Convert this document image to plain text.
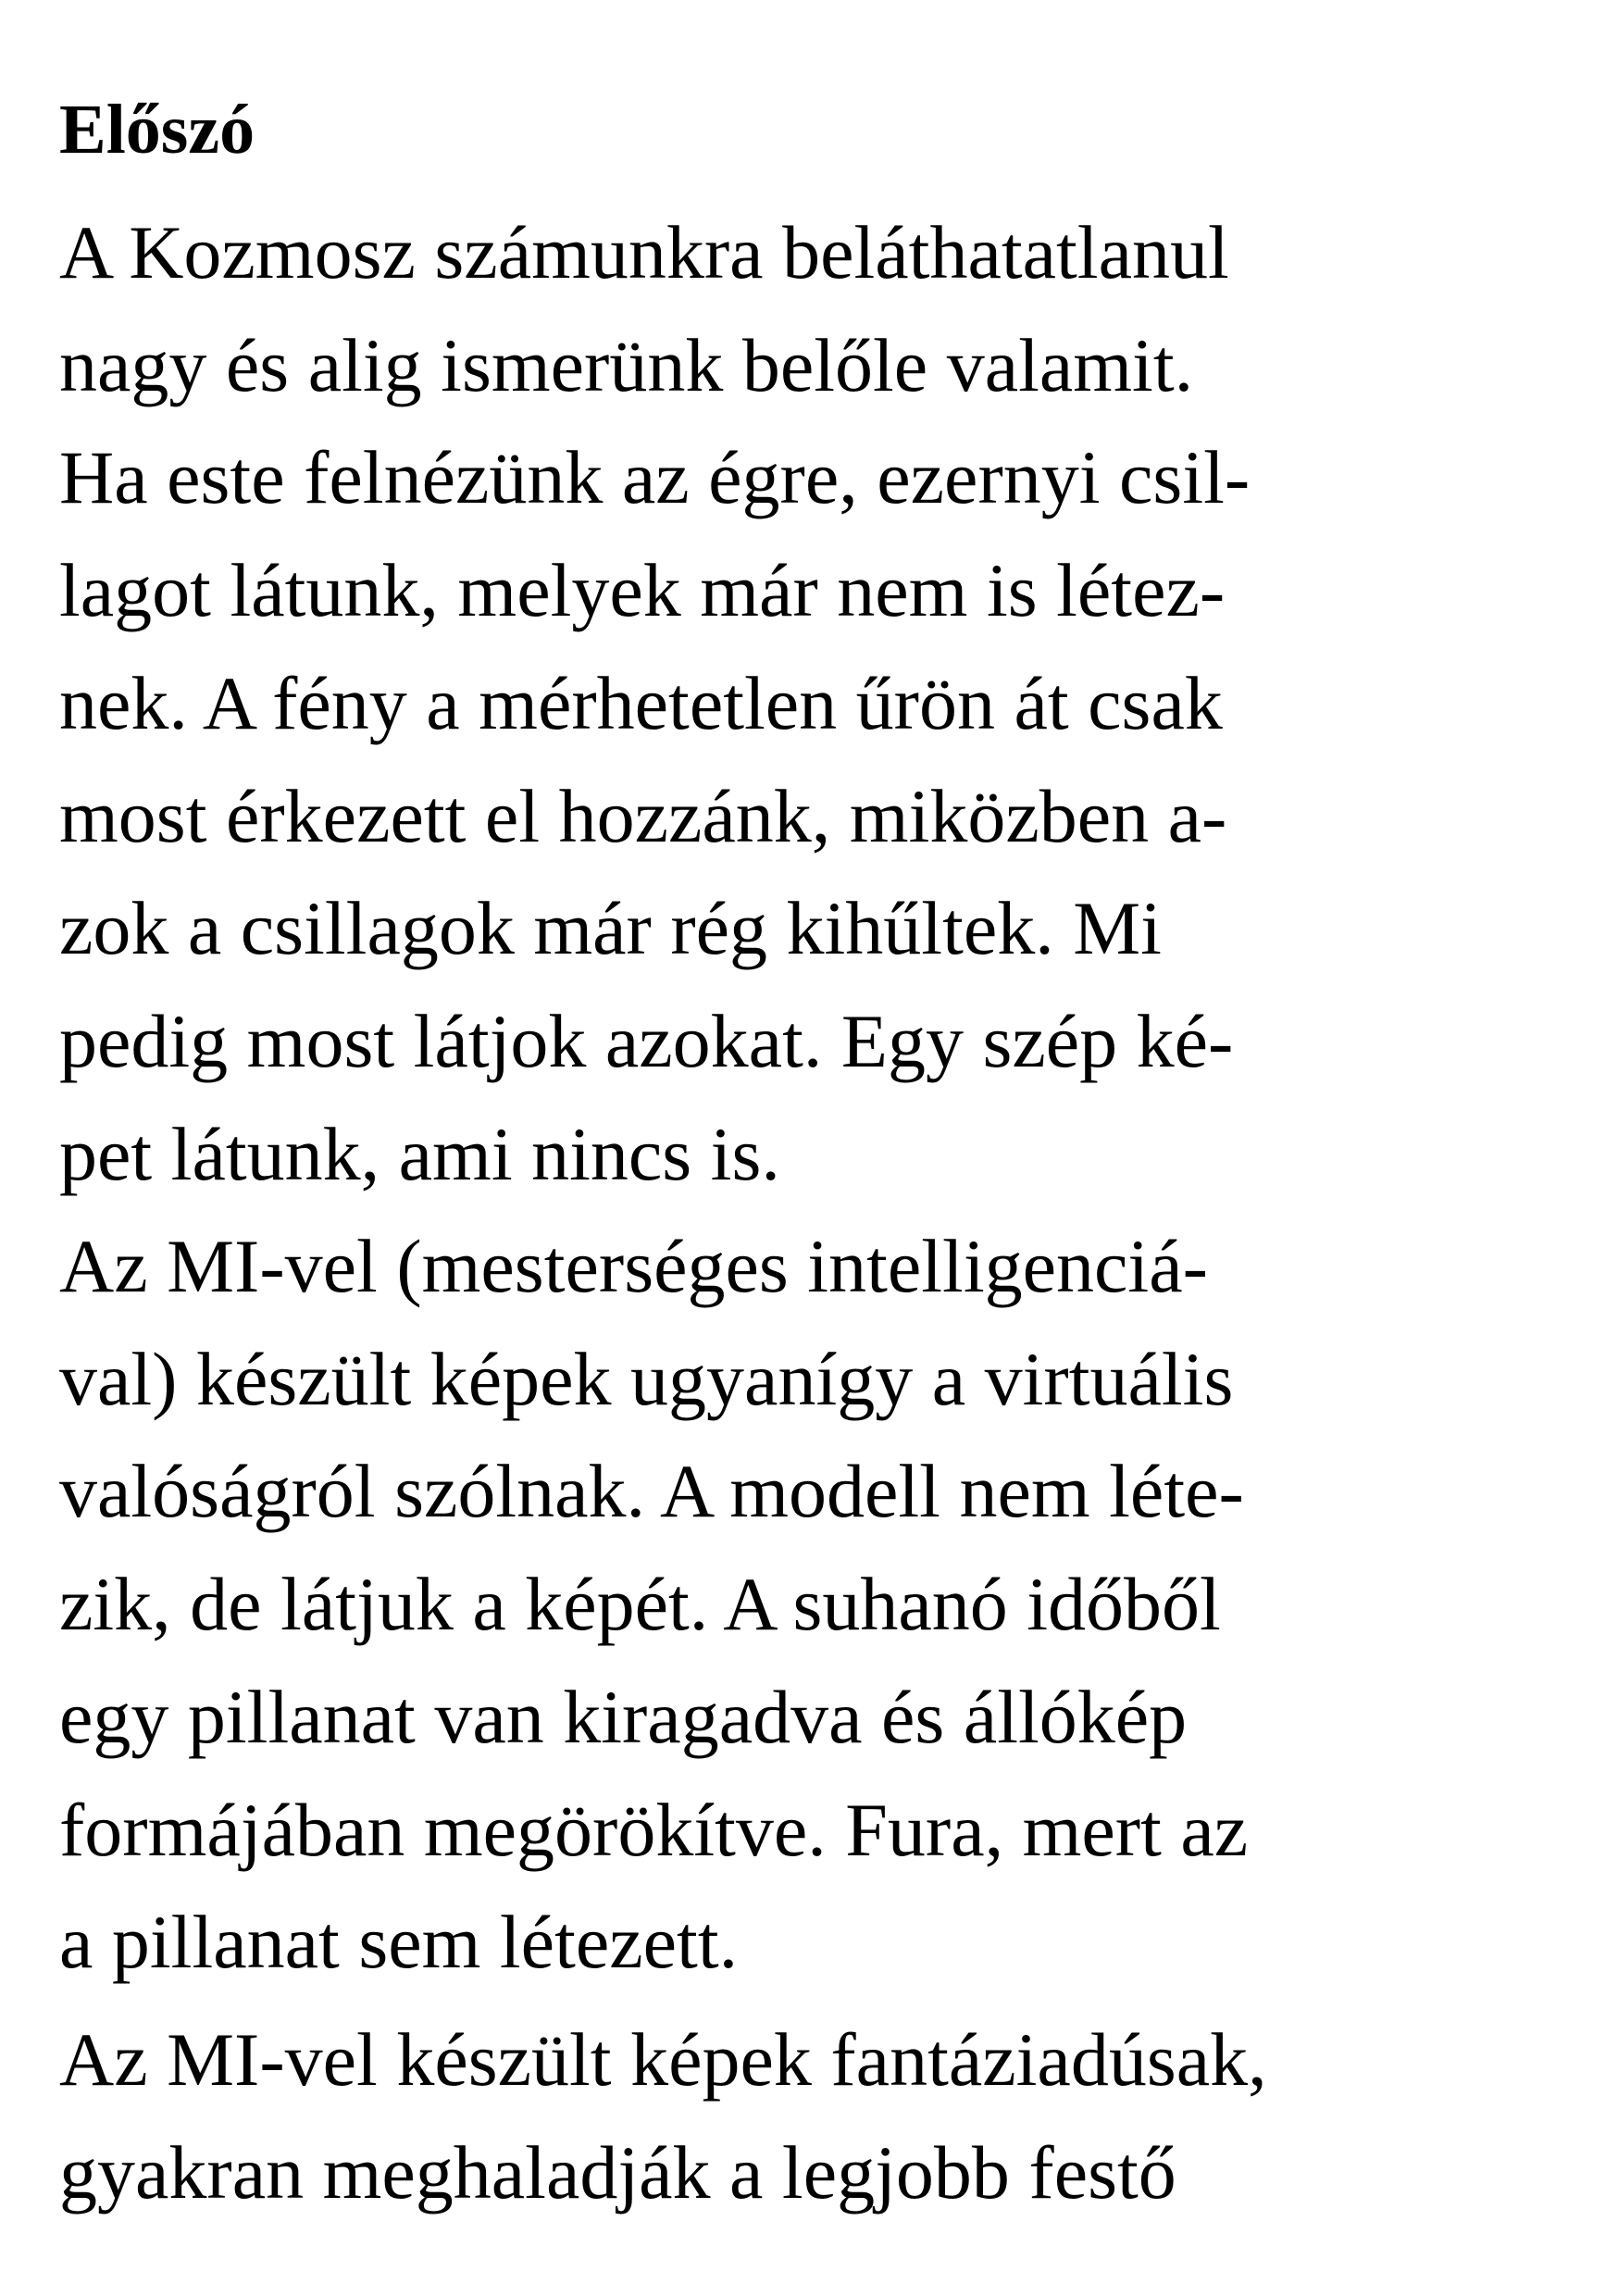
Előszó

A Kozmosz számunkra beláthatatlanul
nagy és alig ismerünk belőle valamit.
Ha este felnézünk az égre, ezernyi csil-
lagot látunk, melyek már nem is létez-
nek. A fény a mérhetetlen űrön át csak
most érkezett el hozzánk, miközben a-
zok a csillagok már rég kihűltek. Mi
pedig most látjok azokat. Egy szép ké-
pet látunk, ami nincs is.

Az MI-vel (mesterséges intelligenciá-
val) készült képek ugyanígy a virtuális
valóságról szólnak. A modell nem léte-
zik, de látjuk a képét. A suhanó időből
egy pillanat van kiragadva és állókép
formájában megörökítve. Fura, mert az
a pillanat sem létezett.

Az MI-vel készült képek fantáziadúsak,
gyakran meghaladják a legjobb festő
